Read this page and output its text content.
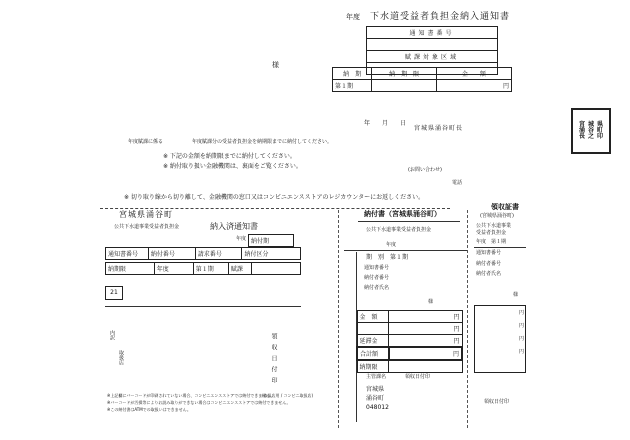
年度 下水道受益者負担金納入通知書
通知書番号

賦課対象区域

様
納　期	納　期　限	金　　額
第１期		円
年　　月　　日
宮城県涌谷町長
宮 城 県
涌 谷 町
長 之 印
年度賦課に係る	年度賦課分の受益者負担金を納期限までに納付してください。
※ 下記の金額を納期限までに納付してください。
※ 納付取り扱い金融機関は、裏面をご覧ください。	(お問い合わせ)
電話
※ 切り取り線から切り離して、金融機関の窓口又はコンビニエンスストアのレジカウンターにお返しください。
宮城県涌谷町
公共下水道事業受益者負担金	納入済通知書
年度 納付期
通知書番号	納付番号	請求番号	納付区分
納期限	年度	第１期	賦課	
21
内訳
取扱店	領収日付印
※上記欄にバーコードが印刷されていない場合、コンビニエンスストアでは納付できません。
※バーコードが汚損等によりお読み取りができない場合はコンビニエンスストアでは納付できません。
※この納付書はATMでの取扱いはできません。
(取扱店用 / コンビニ取扱店)
納付書（宮城県涌谷町）
公共下水道事業受益者負担金
年度
期　別　第１期
通知書番号
納付者番号
納付者氏名
様
金　額	円
	円
延滞金	円
合計額	円
納期限	
主管課名	領収日付印
宮城県
涌谷町
048012
領収証書
(宮城県涌谷町)
公共下水道事業
受益者負担金
年度　第１期
通知書番号
納付者番号
納付者氏名
様
円
円
円
円
領収日付印
